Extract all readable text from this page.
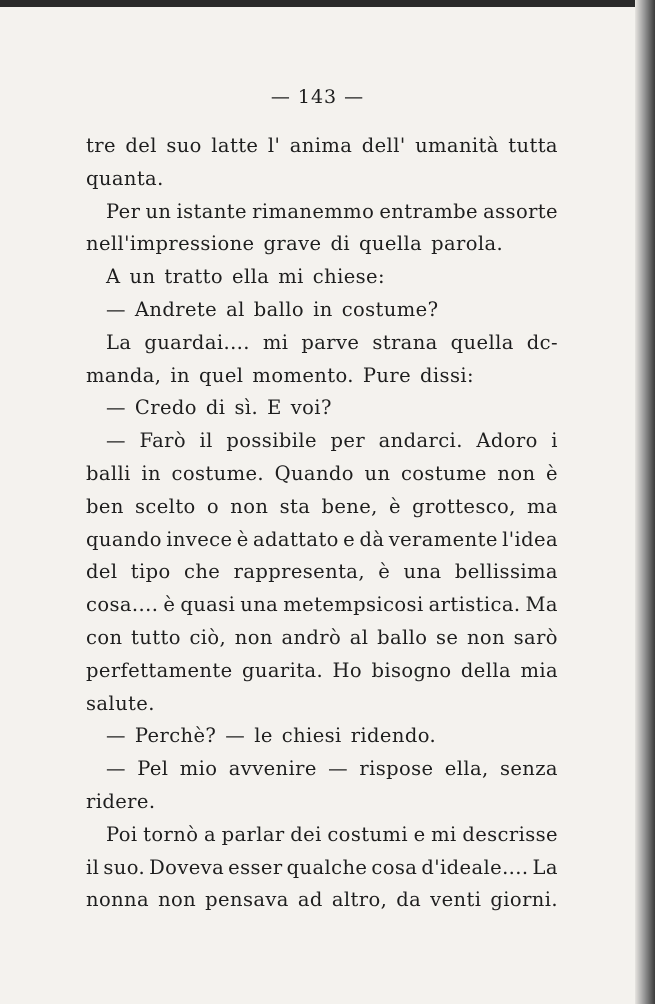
— 143 —
tre del suo latte l' anima dell' umanità tutta
quanta.
Per un istante rimanemmo entrambe assorte
nell'impressione grave di quella parola.
A un tratto ella mi chiese:
— Andrete al ballo in costume?
La guardai.... mi parve strana quella dc-
manda, in quel momento. Pure dissi:
— Credo di sì. E voi?
— Farò il possibile per andarci. Adoro i
balli in costume. Quando un costume non è
ben scelto o non sta bene, è grottesco, ma
quando invece è adattato e dà veramente l'idea
del tipo che rappresenta, è una bellissima
cosa.... è quasi una metempsicosi artistica. Ma
con tutto ciò, non andrò al ballo se non sarò
perfettamente guarita. Ho bisogno della mia
salute.
— Perchè? — le chiesi ridendo.
— Pel mio avvenire — rispose ella, senza
ridere.
Poi tornò a parlar dei costumi e mi descrisse
il suo. Doveva esser qualche cosa d'ideale.... La
nonna non pensava ad altro, da venti giorni.
